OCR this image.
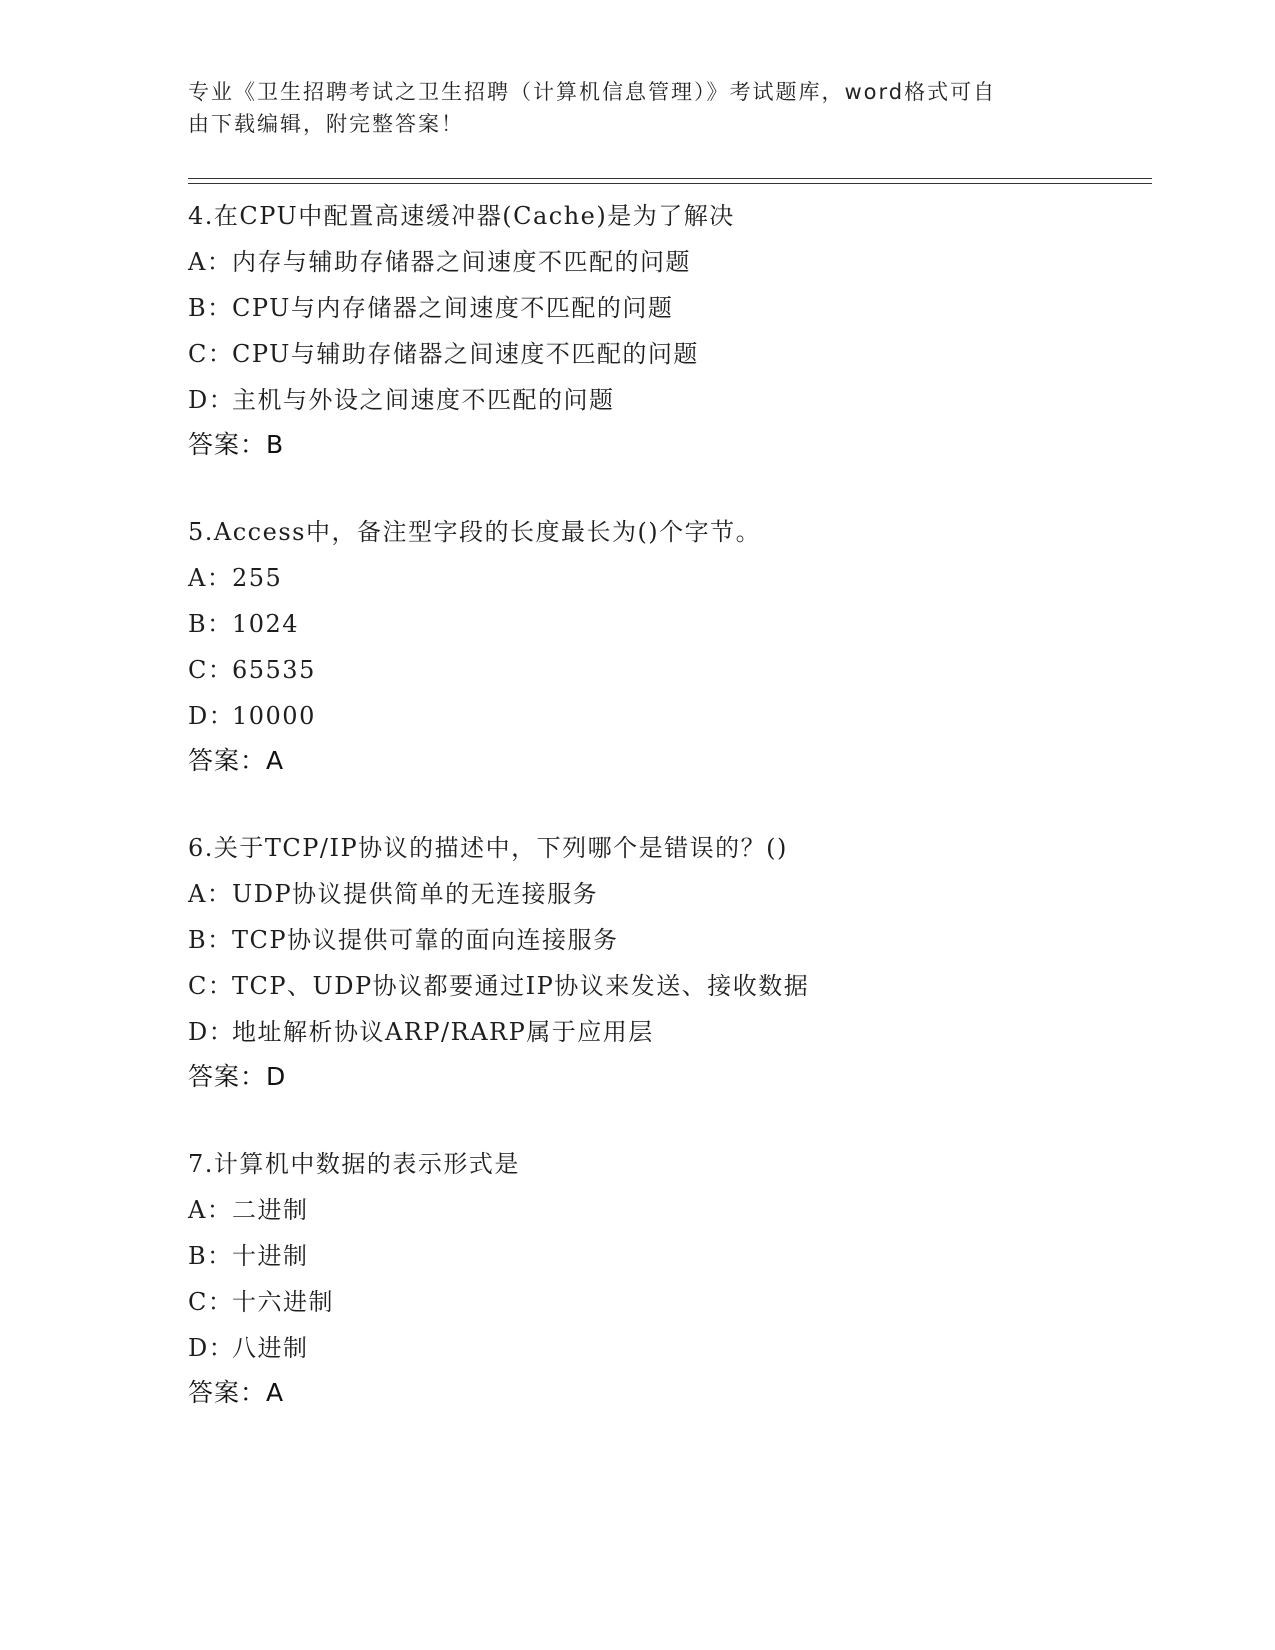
专业《卫生招聘考试之卫生招聘（计算机信息管理）》考试题库，word格式可自
由下载编辑，附完整答案！
4.在CPU中配置高速缓冲器(Cache)是为了解决
A：内存与辅助存储器之间速度不匹配的问题
B：CPU与内存储器之间速度不匹配的问题
C：CPU与辅助存储器之间速度不匹配的问题
D：主机与外设之间速度不匹配的问题
答案：B
5.Access中，备注型字段的长度最长为()个字节。
A：255
B：1024
C：65535
D：10000
答案：A
6.关于TCP/IP协议的描述中，下列哪个是错误的？()
A：UDP协议提供简单的无连接服务
B：TCP协议提供可靠的面向连接服务
C：TCP、UDP协议都要通过IP协议来发送、接收数据
D：地址解析协议ARP/RARP属于应用层
答案：D
7.计算机中数据的表示形式是
A：二进制
B：十进制
C：十六进制
D：八进制
答案：A
